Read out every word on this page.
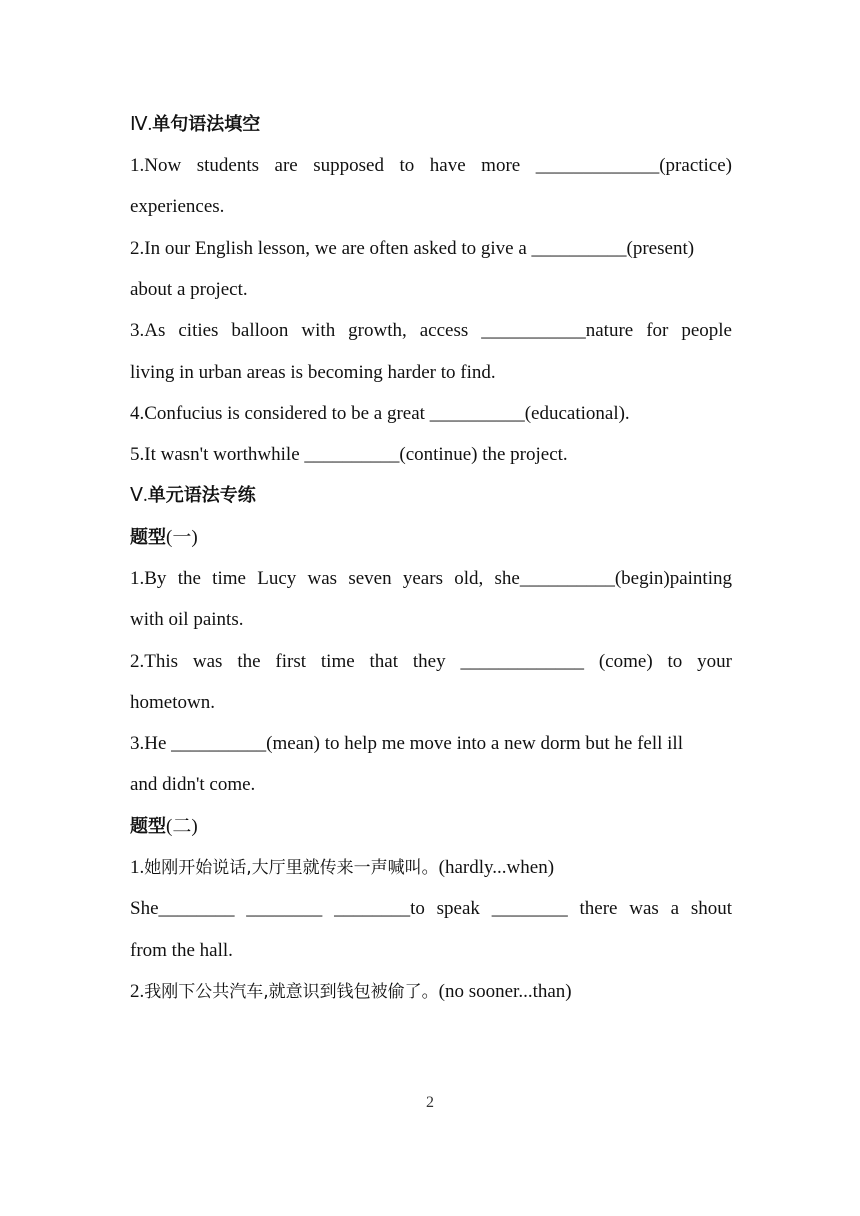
Ⅳ.单句语法填空
1.Now students are supposed to have more _____________(practice)
experiences.
2.In our English lesson, we are often asked to give a __________(present)
about a project.
3.As cities balloon with growth, access ___________nature for people
living in urban areas is becoming harder to find.
4.Confucius is considered to be a great __________(educational).
5.It wasn't worthwhile __________(continue) the project.
Ⅴ.单元语法专练
题型(一)
1.By the time Lucy was seven years old, she__________(begin)painting
with oil paints.
2.This was the first time that they _____________ (come) to your
hometown.
3.He __________(mean) to help me move into a new dorm but he fell ill
and didn't come.
题型(二)
1.她刚开始说话,大厅里就传来一声喊叫。(hardly...when)
She________ ________ ________to speak ________ there was a shout
from the hall.
2.我刚下公共汽车,就意识到钱包被偷了。(no sooner...than)
2
